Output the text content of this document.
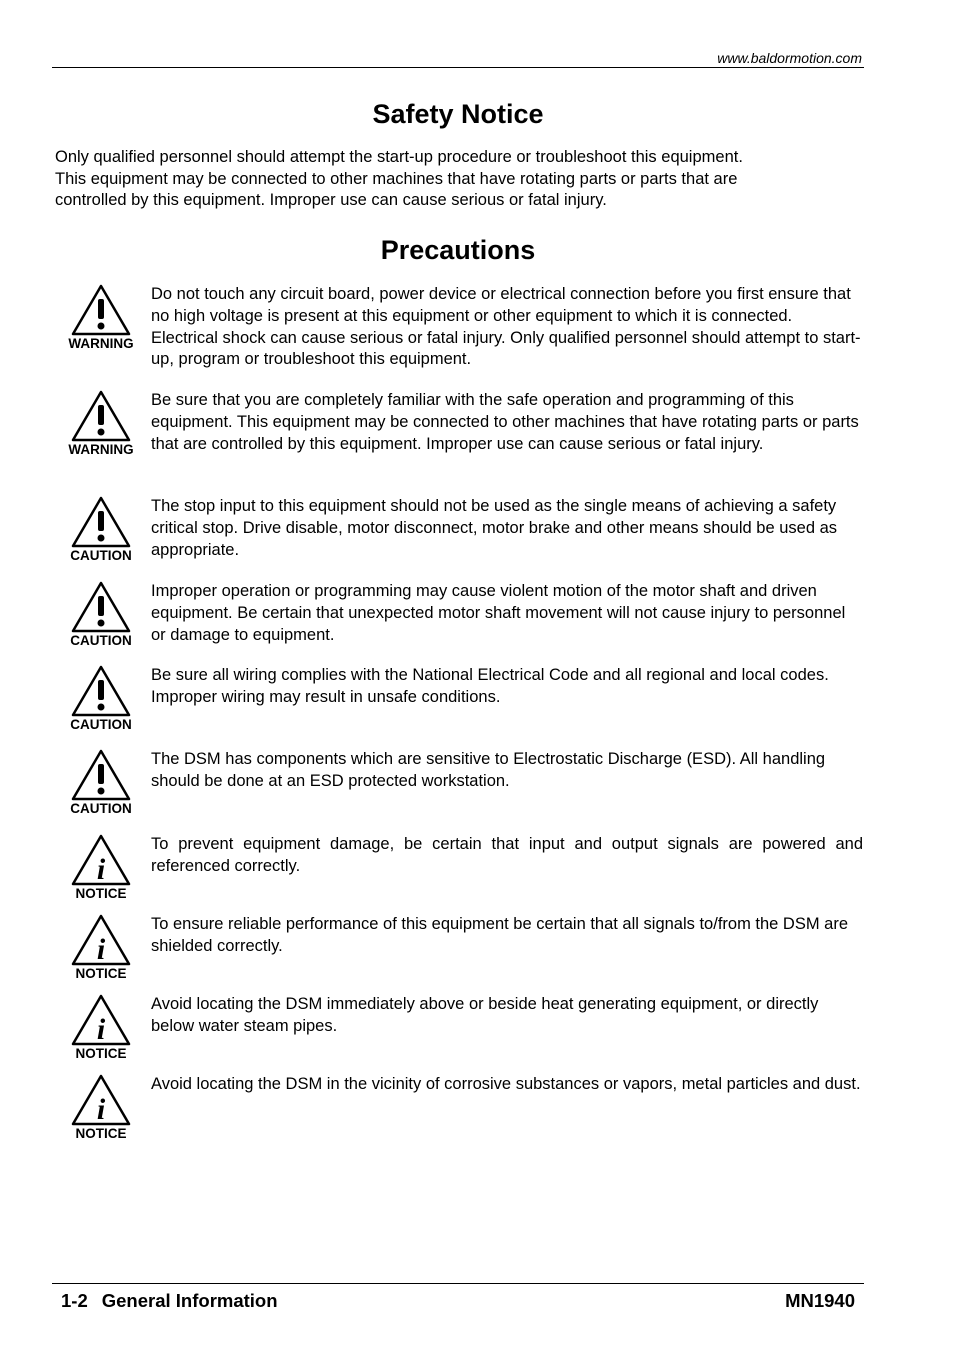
www.baldormotion.com
Safety Notice

Only qualified personnel should attempt the start-up procedure or troubleshoot this equipment.
This equipment may be connected to other machines that have rotating parts or parts that are
controlled by this equipment. Improper use can cause serious or fatal injury.

Precautions
WARNING

Do not touch any circuit board, power device or electrical connection before you first ensure that no high voltage is present at this equipment or other equipment to which it is connected. Electrical shock can cause serious or fatal injury. Only qualified personnel should attempt to start-up, program or troubleshoot this equipment.

WARNING

Be sure that you are completely familiar with the safe operation and programming of this equipment. This equipment may be connected to other machines that have rotating parts or parts that are controlled by this equipment. Improper use can cause serious or fatal injury.

CAUTION

The stop input to this equipment should not be used as the single means of achieving a safety critical stop. Drive disable, motor disconnect, motor brake and other means should be used as appropriate.

CAUTION

Improper operation or programming may cause violent motion of the motor shaft and driven equipment. Be certain that unexpected motor shaft movement will not cause injury to personnel or damage to equipment.

CAUTION

Be sure all wiring complies with the National Electrical Code and all regional and local codes. Improper wiring may result in unsafe conditions.

CAUTION

The DSM has components which are sensitive to Electrostatic Discharge (ESD). All handling should be done at an ESD protected workstation.

i
NOTICE

To prevent equipment damage, be certain that input and output signals are powered and referenced correctly.

i
NOTICE

To ensure reliable performance of this equipment be certain that all signals to/from the DSM are shielded correctly.

i
NOTICE

Avoid locating the DSM immediately above or beside heat generating equipment, or directly below water steam pipes.

i
NOTICE

Avoid locating the DSM in the vicinity of corrosive substances or vapors, metal particles and dust.

1-2 General Information	MN1940
